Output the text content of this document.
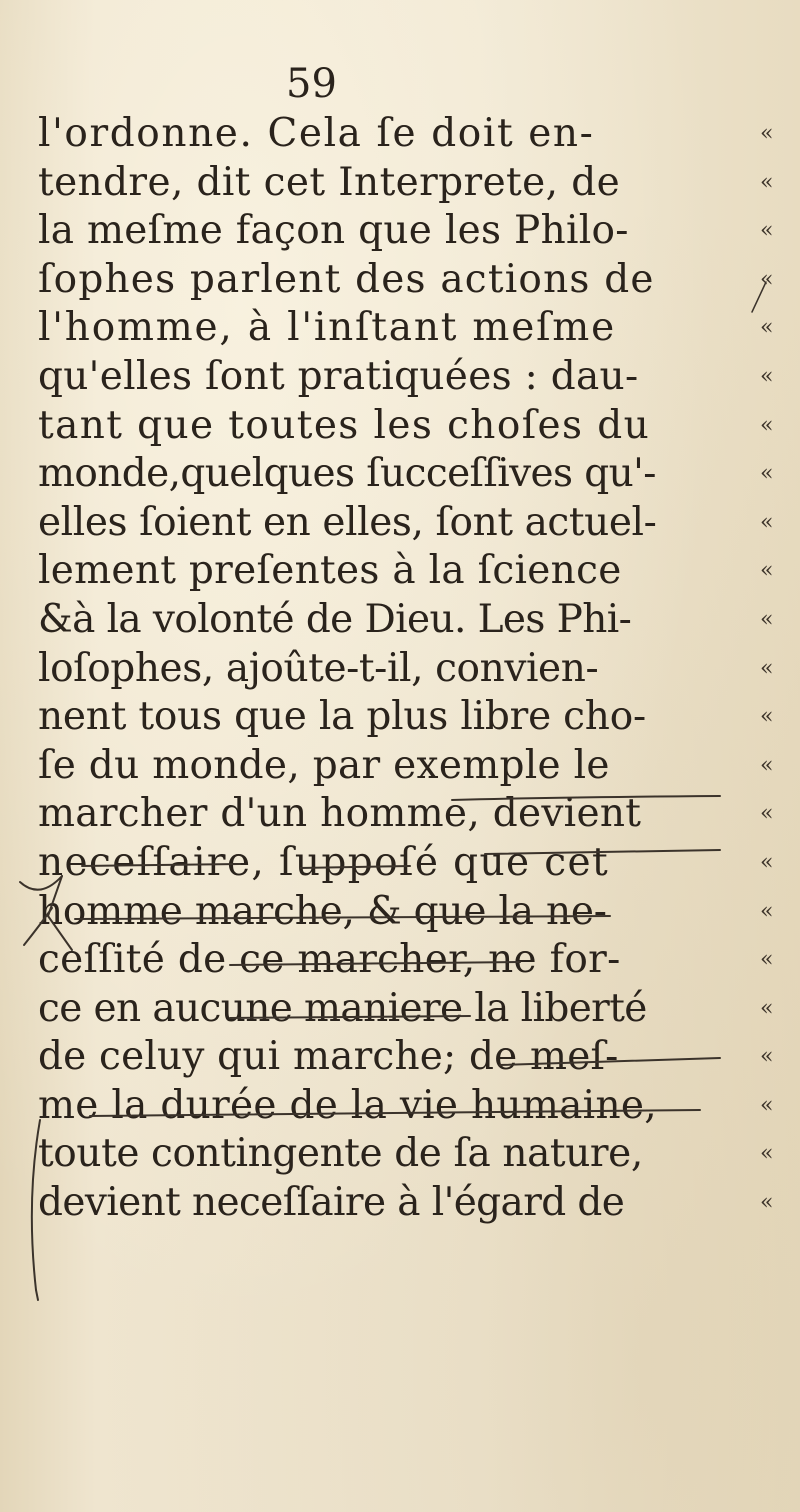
59
l'ordonne. Cela ſe doit en-
tendre, dit cet Interprete, de
la meſme façon que les Philo-
ſophes parlent des actions de
l'homme, à l'inſtant meſme
qu'elles ſont pratiquées : dau-
tant que toutes les choſes du
monde,quelques ſucceſſives qu'-
elles ſoient en elles, ſont actuel-
lement preſentes à la ſcience
&à la volonté de Dieu. Les Phi-
loſophes, ajoûte-t-il, convien-
nent tous que la plus libre cho-
ſe du monde, par exemple le
marcher d'un homme, devient
neceſſaire, ſuppoſé que cet
homme marche, & que la ne-
ceſſité de ce marcher, ne for-
ce en aucune maniere la liberté
de celuy qui marche; de meſ-
me la durée de la vie humaine,
toute contingente de ſa nature,
devient neceſſaire à l'égard de
«
«
«
«
«
«
«
«
«
«
«
«
«
«
«
«
«
«
«
«
«
«
«
